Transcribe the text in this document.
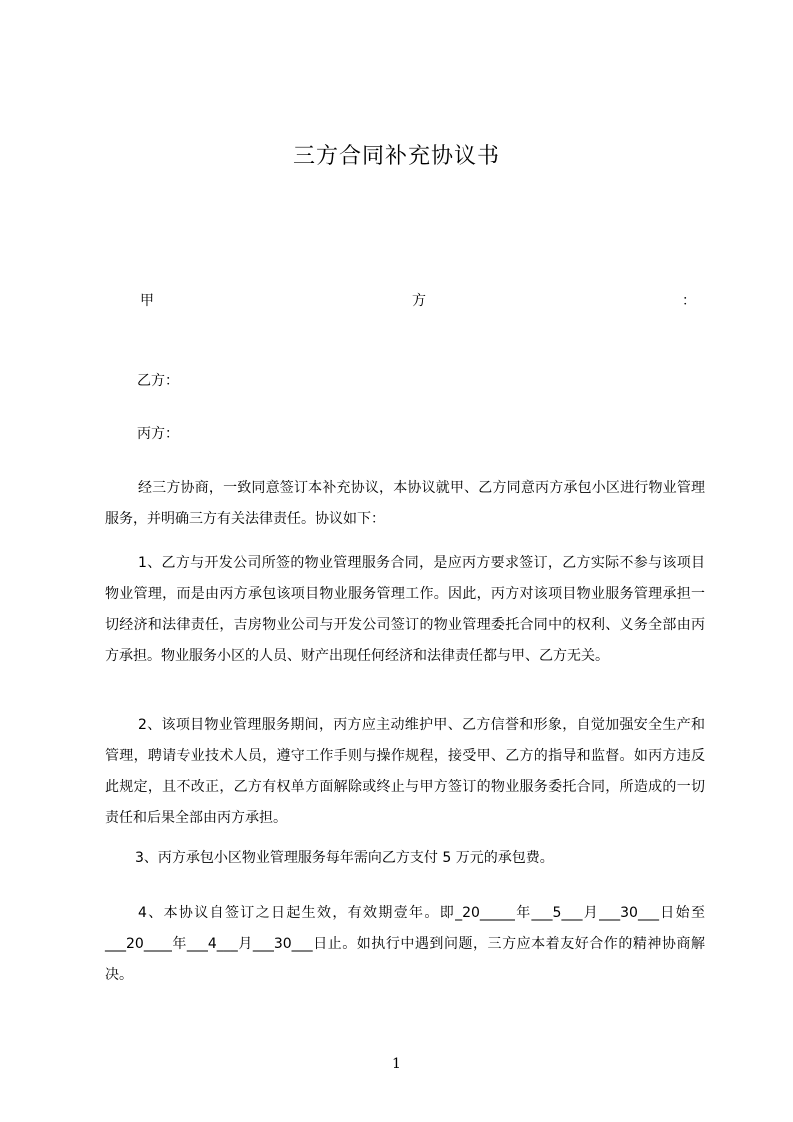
三方合同补充协议书
甲	方	：
乙方：
丙方：
经三方协商，一致同意签订本补充协议，本协议就甲、乙方同意丙方承包小区进行物业管理服务，并明确三方有关法律责任。协议如下：
1、乙方与开发公司所签的物业管理服务合同，是应丙方要求签订，乙方实际不参与该项目物业管理，而是由丙方承包该项目物业服务管理工作。因此，丙方对该项目物业服务管理承担一切经济和法律责任，吉房物业公司与开发公司签订的物业管理委托合同中的权利、义务全部由丙方承担。物业服务小区的人员、财产出现任何经济和法律责任都与甲、乙方无关。
2、该项目物业管理服务期间，丙方应主动维护甲、乙方信誉和形象，自觉加强安全生产和管理，聘请专业技术人员，遵守工作手则与操作规程，接受甲、乙方的指导和监督。如丙方违反此规定，且不改正，乙方有权单方面解除或终止与甲方签订的物业服务委托合同，所造成的一切责任和后果全部由丙方承担。
3、丙方承包小区物业管理服务每年需向乙方支付 5 万元的承包费。
4、本协议自签订之日起生效，有效期壹年。即_20_____年___5___月___30___日始至___20____年___4___月___30___日止。如执行中遇到问题，三方应本着友好合作的精神协商解决。
1
